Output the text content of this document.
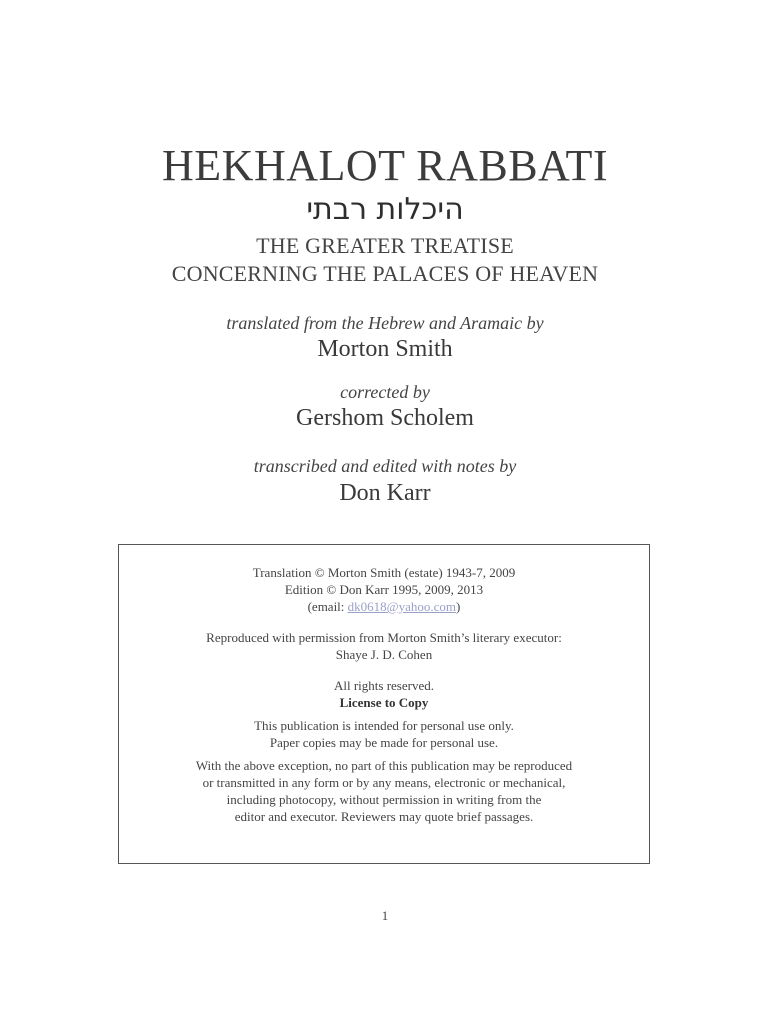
HEKHALOT RABBATI
היכלות רבתי
THE GREATER TREATISE
CONCERNING THE PALACES OF HEAVEN
translated from the Hebrew and Aramaic by
Morton Smith
corrected by
Gershom Scholem
transcribed and edited with notes by
Don Karr
Translation © Morton Smith (estate) 1943-7, 2009
Edition © Don Karr 1995, 2009, 2013
(email: dk0618@yahoo.com)
Reproduced with permission from Morton Smith’s literary executor:
Shaye J. D. Cohen
All rights reserved.
License to Copy
This publication is intended for personal use only.
Paper copies may be made for personal use.
With the above exception, no part of this publication may be reproduced
or transmitted in any form or by any means, electronic or mechanical,
including photocopy, without permission in writing from the
editor and executor. Reviewers may quote brief passages.
1
